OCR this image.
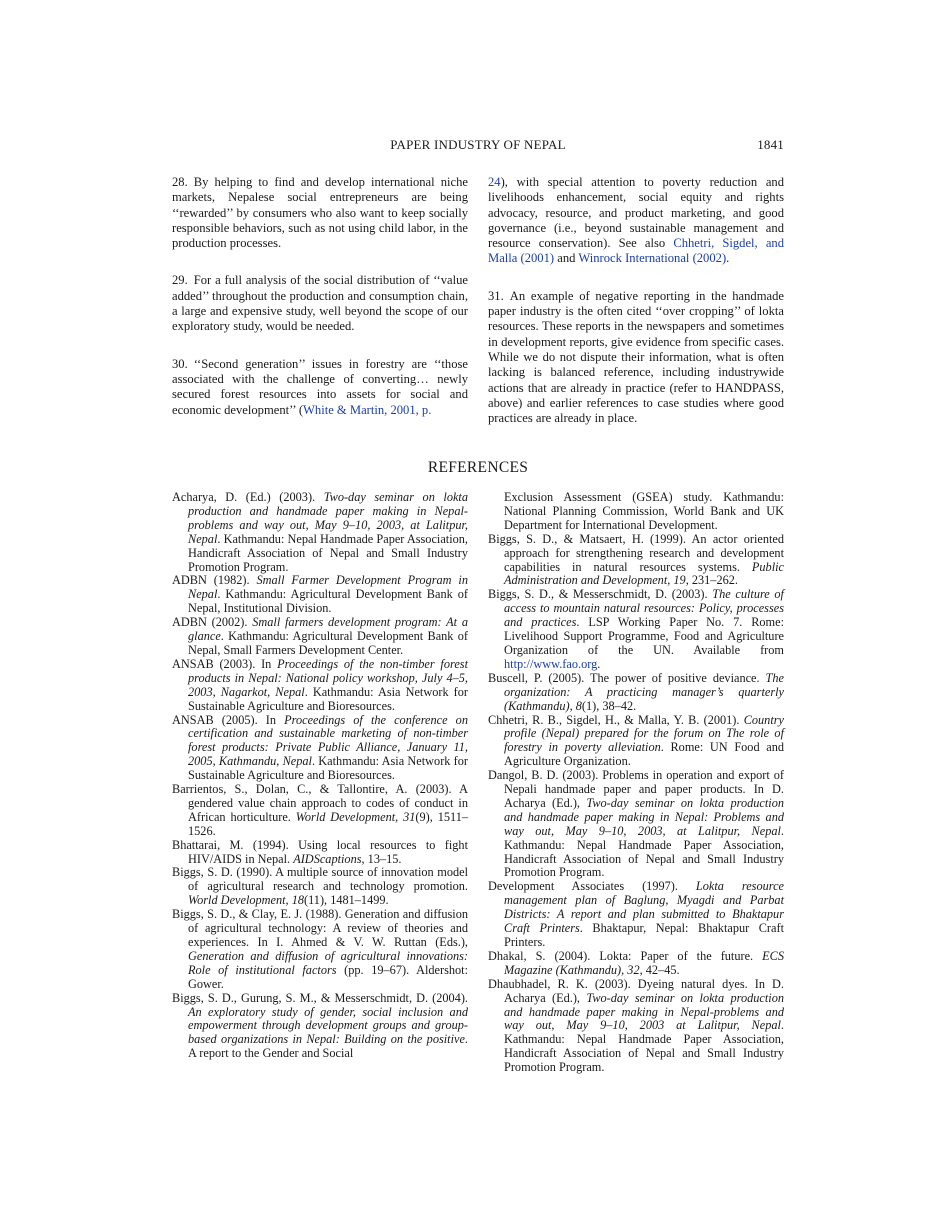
PAPER INDUSTRY OF NEPAL	1841

28. By helping to find and develop international niche markets, Nepalese social entrepreneurs are being ‘‘rewarded’’ by consumers who also want to keep socially responsible behaviors, such as not using child labor, in the production processes.

29. For a full analysis of the social distribution of ‘‘value added’’ throughout the production and consumption chain, a large and expensive study, well beyond the scope of our exploratory study, would be needed.

30. ‘‘Second generation’’ issues in forestry are ‘‘those associated with the challenge of converting… newly secured forest resources into assets for social and economic development’’ (White & Martin, 2001, p.

24), with special attention to poverty reduction and livelihoods enhancement, social equity and rights advocacy, resource, and product marketing, and good governance (i.e., beyond sustainable management and resource conservation). See also Chhetri, Sigdel, and Malla (2001) and Winrock International (2002).

31. An example of negative reporting in the handmade paper industry is the often cited ‘‘over cropping’’ of lokta resources. These reports in the newspapers and sometimes in development reports, give evidence from specific cases. While we do not dispute their information, what is often lacking is balanced reference, including industrywide actions that are already in practice (refer to HANDPASS, above) and earlier references to case studies where good practices are already in place.

REFERENCES

Acharya, D. (Ed.) (2003). Two-day seminar on lokta production and handmade paper making in Nepal-problems and way out, May 9–10, 2003, at Lalitpur, Nepal. Kathmandu: Nepal Handmade Paper Association, Handicraft Association of Nepal and Small Industry Promotion Program.

ADBN (1982). Small Farmer Development Program in Nepal. Kathmandu: Agricultural Development Bank of Nepal, Institutional Division.

ADBN (2002). Small farmers development program: At a glance. Kathmandu: Agricultural Development Bank of Nepal, Small Farmers Development Center.

ANSAB (2003). In Proceedings of the non-timber forest products in Nepal: National policy workshop, July 4–5, 2003, Nagarkot, Nepal. Kathmandu: Asia Network for Sustainable Agriculture and Bioresources.

ANSAB (2005). In Proceedings of the conference on certification and sustainable marketing of non-timber forest products: Private Public Alliance, January 11, 2005, Kathmandu, Nepal. Kathmandu: Asia Network for Sustainable Agriculture and Bioresources.

Barrientos, S., Dolan, C., & Tallontire, A. (2003). A gendered value chain approach to codes of conduct in African horticulture. World Development, 31(9), 1511–1526.

Bhattarai, M. (1994). Using local resources to fight HIV/AIDS in Nepal. AIDScaptions, 13–15.

Biggs, S. D. (1990). A multiple source of innovation model of agricultural research and technology promotion. World Development, 18(11), 1481–1499.

Biggs, S. D., & Clay, E. J. (1988). Generation and diffusion of agricultural technology: A review of theories and experiences. In I. Ahmed & V. W. Ruttan (Eds.), Generation and diffusion of agricultural innovations: Role of institutional factors (pp. 19–67). Aldershot: Gower.

Biggs, S. D., Gurung, S. M., & Messerschmidt, D. (2004). An exploratory study of gender, social inclusion and empowerment through development groups and group-based organizations in Nepal: Building on the positive. A report to the Gender and Social

Exclusion Assessment (GSEA) study. Kathmandu: National Planning Commission, World Bank and UK Department for International Development.

Biggs, S. D., & Matsaert, H. (1999). An actor oriented approach for strengthening research and development capabilities in natural resources systems. Public Administration and Development, 19, 231–262.

Biggs, S. D., & Messerschmidt, D. (2003). The culture of access to mountain natural resources: Policy, processes and practices. LSP Working Paper No. 7. Rome: Livelihood Support Programme, Food and Agriculture Organization of the UN. Available from http://www.fao.org.

Buscell, P. (2005). The power of positive deviance. The organization: A practicing manager’s quarterly (Kathmandu), 8(1), 38–42.

Chhetri, R. B., Sigdel, H., & Malla, Y. B. (2001). Country profile (Nepal) prepared for the forum on The role of forestry in poverty alleviation. Rome: UN Food and Agriculture Organization.

Dangol, B. D. (2003). Problems in operation and export of Nepali handmade paper and paper products. In D. Acharya (Ed.), Two-day seminar on lokta production and handmade paper making in Nepal: Problems and way out, May 9–10, 2003, at Lalitpur, Nepal. Kathmandu: Nepal Handmade Paper Association, Handicraft Association of Nepal and Small Industry Promotion Program.

Development Associates (1997). Lokta resource management plan of Baglung, Myagdi and Parbat Districts: A report and plan submitted to Bhaktapur Craft Printers. Bhaktapur, Nepal: Bhaktapur Craft Printers.

Dhakal, S. (2004). Lokta: Paper of the future. ECS Magazine (Kathmandu), 32, 42–45.

Dhaubhadel, R. K. (2003). Dyeing natural dyes. In D. Acharya (Ed.), Two-day seminar on lokta production and handmade paper making in Nepal-problems and way out, May 9–10, 2003 at Lalitpur, Nepal. Kathmandu: Nepal Handmade Paper Association, Handicraft Association of Nepal and Small Industry Promotion Program.
